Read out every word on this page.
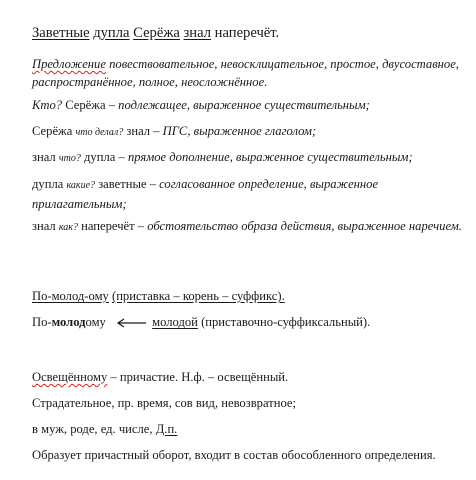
Заветные дупла Серёжа знал наперечёт.
Предложение повествовательное, невосклицательное, простое, двусоставное, распространённое, полное, неосложнённое.
Кто? Серёжа – подлежащее, выраженное существительным;
Серёжа что делал? знал – ПГС, выраженное глаголом;
знал что? дупла – прямое дополнение, выраженное существительным;
дупла какие? заветные – согласованное определение, выраженное прилагательным;
знал как? наперечёт – обстоятельство образа действия, выраженное наречием.
По-молод-ому (приставка – корень – суффикс).
По-молодому	молодой (приставочно-суффиксальный).
Освещённому – причастие. Н.ф. – освещённый.
Страдательное, пр. время, сов вид, невозвратное;
в муж, роде, ед. числе, Д.п.
Образует причастный оборот, входит в состав обособленного определения.
